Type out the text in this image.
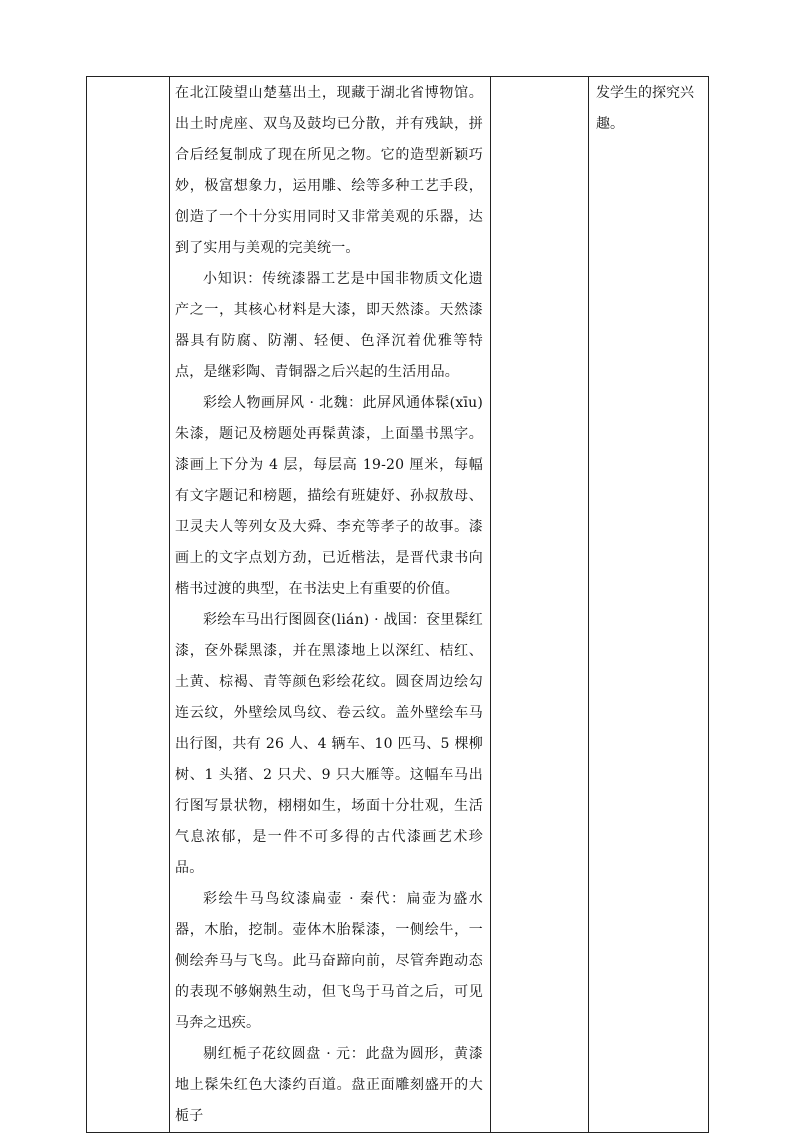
在北江陵望山楚墓出土，现藏于湖北省博物馆。出土时虎座、双鸟及鼓均已分散，并有残缺，拼合后经复制成了现在所见之物。它的造型新颖巧妙，极富想象力，运用雕、绘等多种工艺手段，创造了一个十分实用同时又非常美观的乐器，达到了实用与美观的完美统一。

小知识：传统漆器工艺是中国非物质文化遗产之一，其核心材料是大漆，即天然漆。天然漆器具有防腐、防潮、轻便、色泽沉着优雅等特点，是继彩陶、青铜器之后兴起的生活用品。

彩绘人物画屏风 · 北魏：此屏风通体髹(xīu)朱漆，题记及榜题处再髹黄漆，上面墨书黑字。漆画上下分为 4 层，每层高 19-20 厘米，每幅有文字题记和榜题，描绘有班婕妤、孙叔敖母、卫灵夫人等列女及大舜、李充等孝子的故事。漆画上的文字点划方劲，已近楷法，是晋代隶书向楷书过渡的典型，在书法史上有重要的价值。

彩绘车马出行图圆奁(lián) · 战国：奁里髹红漆，奁外髹黑漆，并在黑漆地上以深红、桔红、土黄、棕褐、青等颜色彩绘花纹。圆奁周边绘勾连云纹，外壁绘凤鸟纹、卷云纹。盖外壁绘车马出行图，共有 26 人、4 辆车、10 匹马、5 棵柳树、1 头猪、2 只犬、9 只大雁等。这幅车马出行图写景状物，栩栩如生，场面十分壮观，生活气息浓郁，是一件不可多得的古代漆画艺术珍品。

彩绘牛马鸟纹漆扁壶 · 秦代：扁壶为盛水器，木胎，挖制。壶体木胎髹漆，一侧绘牛，一侧绘奔马与飞鸟。此马奋蹄向前，尽管奔跑动态的表现不够娴熟生动，但飞鸟于马首之后，可见马奔之迅疾。

剔红栀子花纹圆盘 · 元：此盘为圆形，黄漆地上髹朱红色大漆约百道。盘正面雕刻盛开的大栀子

发学生的探究兴趣。
